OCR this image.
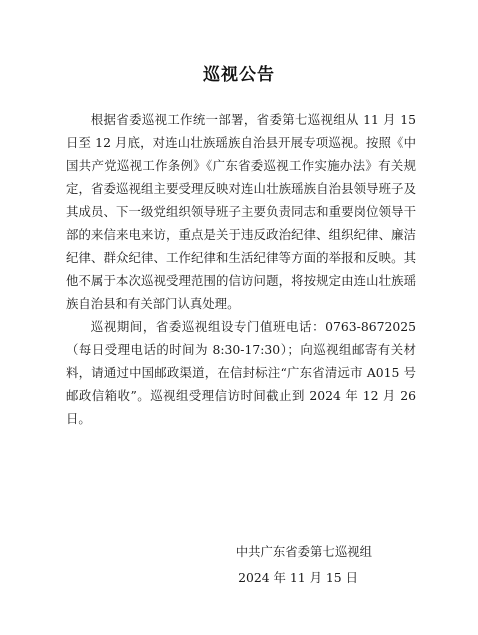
巡视公告

根据省委巡视工作统一部署，省委第七巡视组从 11 月 15 日至 12 月底，对连山壮族瑶族自治县开展专项巡视。按照《中国共产党巡视工作条例》《广东省委巡视工作实施办法》有关规定，省委巡视组主要受理反映对连山壮族瑶族自治县领导班子及其成员、下一级党组织领导班子主要负责同志和重要岗位领导干部的来信来电来访，重点是关于违反政治纪律、组织纪律、廉洁纪律、群众纪律、工作纪律和生活纪律等方面的举报和反映。其他不属于本次巡视受理范围的信访问题，将按规定由连山壮族瑶族自治县和有关部门认真处理。

巡视期间，省委巡视组设专门值班电话：0763-8672025（每日受理电话的时间为 8:30-17:30）；向巡视组邮寄有关材料，请通过中国邮政渠道，在信封标注“广东省清远市 A015 号邮政信箱收”。巡视组受理信访时间截止到 2024 年 12 月 26 日。

中共广东省委第七巡视组
2024 年 11 月 15 日
